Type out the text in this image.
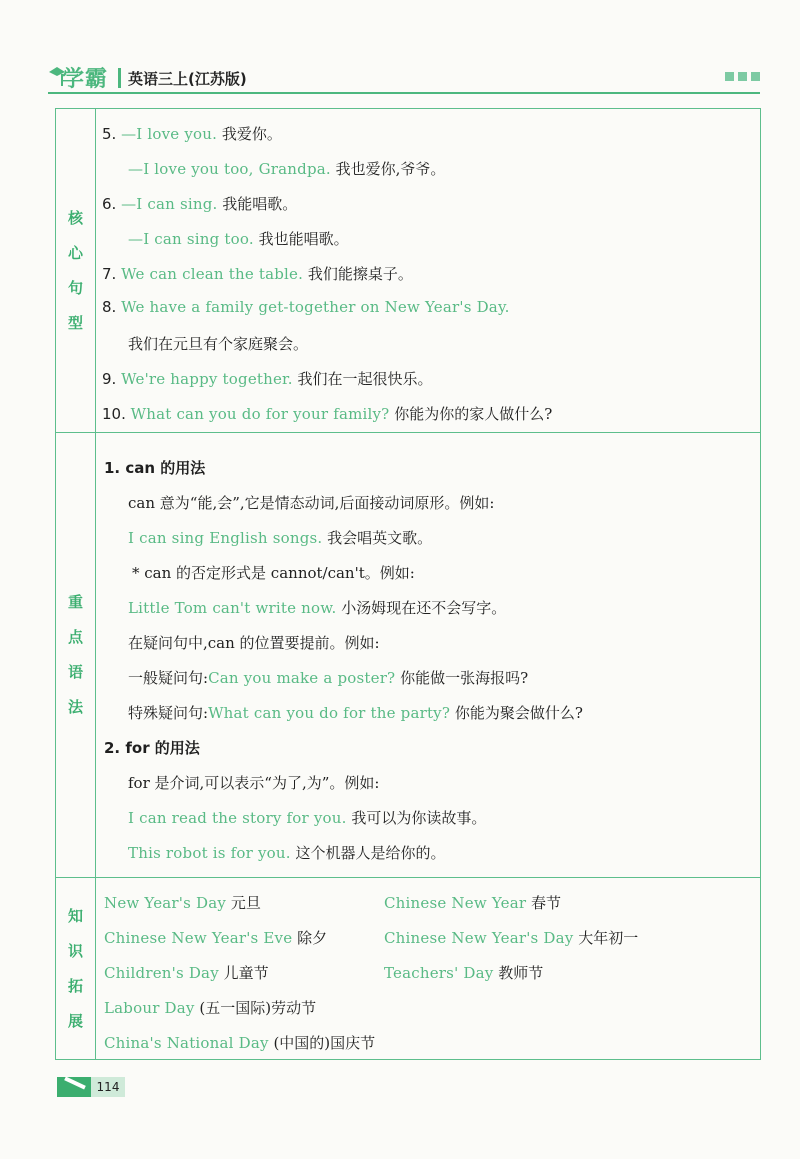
学霸 英语三上(江苏版)
核
心
句
型
5. —I love you. 我爱你。
—I love you too, Grandpa. 我也爱你,爷爷。
6. —I can sing. 我能唱歌。
—I can sing too. 我也能唱歌。
7. We can clean the table. 我们能擦桌子。
8. We have a family get-together on New Year's Day.
我们在元旦有个家庭聚会。
9. We're happy together. 我们在一起很快乐。
10. What can you do for your family? 你能为你的家人做什么?
重
点
语
法
1. can 的用法
can 意为“能,会”,它是情态动词,后面接动词原形。例如:
I can sing English songs. 我会唱英文歌。
* can 的否定形式是 cannot/can't。例如:
Little Tom can't write now. 小汤姆现在还不会写字。
在疑问句中,can 的位置要提前。例如:
一般疑问句:Can you make a poster? 你能做一张海报吗?
特殊疑问句:What can you do for the party? 你能为聚会做什么?
2. for 的用法
for 是介词,可以表示“为了,为”。例如:
I can read the story for you. 我可以为你读故事。
This robot is for you. 这个机器人是给你的。
知
识
拓
展
New Year's Day 元旦	Chinese New Year 春节
Chinese New Year's Eve 除夕	Chinese New Year's Day 大年初一
Children's Day 儿童节	Teachers' Day 教师节
Labour Day (五一国际)劳动节
China's National Day (中国的)国庆节
114
